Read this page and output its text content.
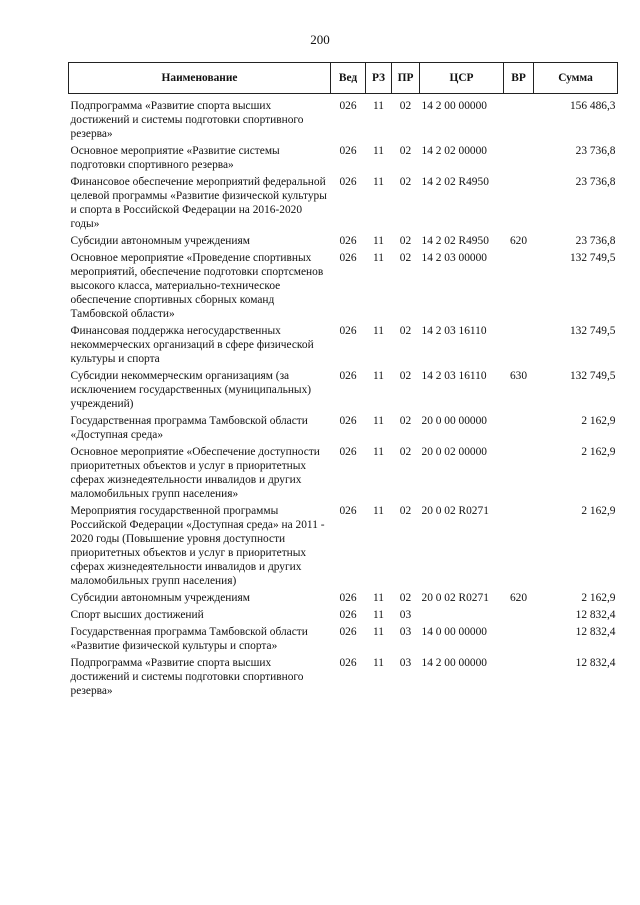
200
Наименование	Вед	РЗ	ПР	ЦСР	ВР	Сумма

Подпрограмма «Развитие спорта высших достижений и системы подготовки спортивного резерва»	026	11	02	14 2 00 00000		156 486,3
Основное мероприятие «Развитие системы подготовки спортивного резерва»	026	11	02	14 2 02 00000		23 736,8
Финансовое обеспечение мероприятий федеральной целевой программы «Развитие физической культуры и спорта в Российской Федерации на 2016-2020 годы»	026	11	02	14 2 02 R4950		23 736,8
Субсидии автономным учреждениям	026	11	02	14 2 02 R4950	620	23 736,8
Основное мероприятие «Проведение спортивных мероприятий, обеспечение подготовки спортсменов высокого класса, материально-техническое обеспечение спортивных сборных команд Тамбовской области»	026	11	02	14 2 03 00000		132 749,5
Финансовая поддержка негосударственных некоммерческих организаций в сфере физической культуры и спорта	026	11	02	14 2 03 16110		132 749,5
Субсидии некоммерческим организациям (за исключением государственных (муниципальных) учреждений)	026	11	02	14 2 03 16110	630	132 749,5
Государственная программа Тамбовской области «Доступная среда»	026	11	02	20 0 00 00000		2 162,9
Основное мероприятие «Обеспечение доступности приоритетных объектов и услуг в приоритетных сферах жизнедеятельности инвалидов и других маломобильных групп населения»	026	11	02	20 0 02 00000		2 162,9
Мероприятия государственной программы Российской Федерации «Доступная среда» на 2011 - 2020 годы (Повышение уровня доступности приоритетных объектов и услуг в приоритетных сферах жизнедеятельности инвалидов и других маломобильных групп населения)	026	11	02	20 0 02 R0271		2 162,9
Субсидии автономным учреждениям	026	11	02	20 0 02 R0271	620	2 162,9
Спорт высших достижений	026	11	03			12 832,4
Государственная программа Тамбовской области «Развитие физической культуры и спорта»	026	11	03	14 0 00 00000		12 832,4
Подпрограмма «Развитие спорта высших достижений и системы подготовки спортивного резерва»	026	11	03	14 2 00 00000		12 832,4
